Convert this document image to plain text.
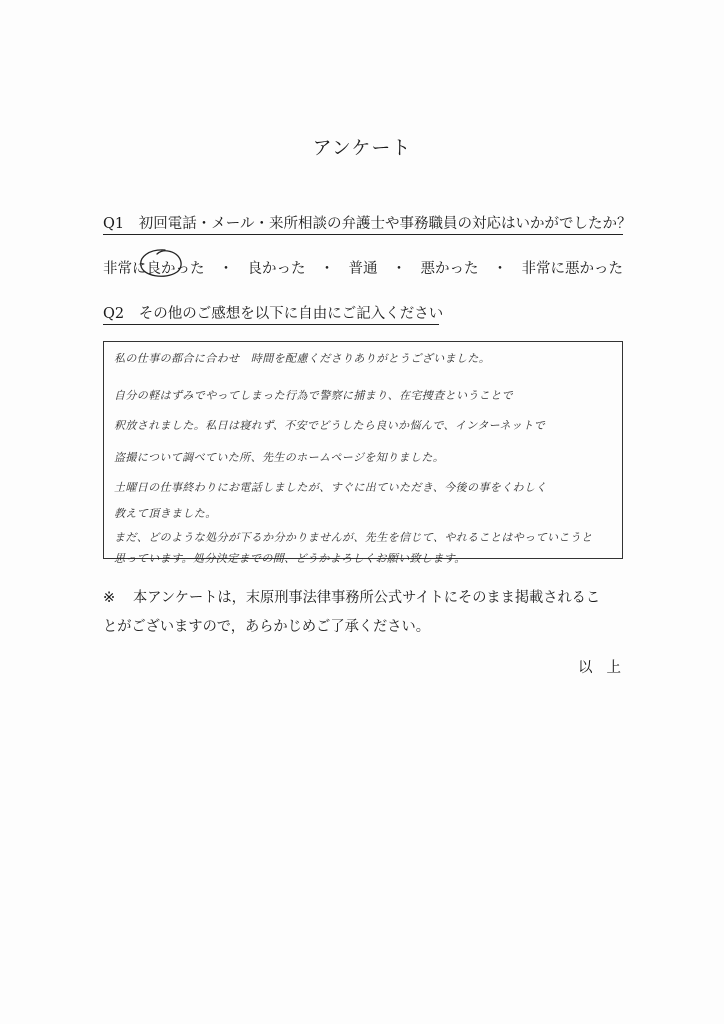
アンケート
Q1 初回電話・メール・来所相談の弁護士や事務職員の対応はいかがでしたか？
非常に良かった ・ 良かった ・ 普通 ・ 悪かった ・ 非常に悪かった
Q2 その他のご感想を以下に自由にご記入ください
私の仕事の都合に合わせ　時間を配慮くださりありがとうございました。
自分の軽はずみでやってしまった行為で警察に捕まり、在宅捜査ということで
釈放されました。私日は寝れず、不安でどうしたら良いか悩んで、インターネットで
盗撮について調べていた所、先生のホームページを知りました。
土曜日の仕事終わりにお電話しましたが、すぐに出ていただき、今後の事をくわしく
教えて頂きました。
まだ、どのような処分が下るか分かりませんが、先生を信じて、やれることはやっていこうと
思っています。処分決定までの間、どうかよろしくお願い致します。
※ 本アンケートは，末原刑事法律事務所公式サイトにそのまま掲載されるこ
とがございますので，あらかじめご了承ください。
以上
